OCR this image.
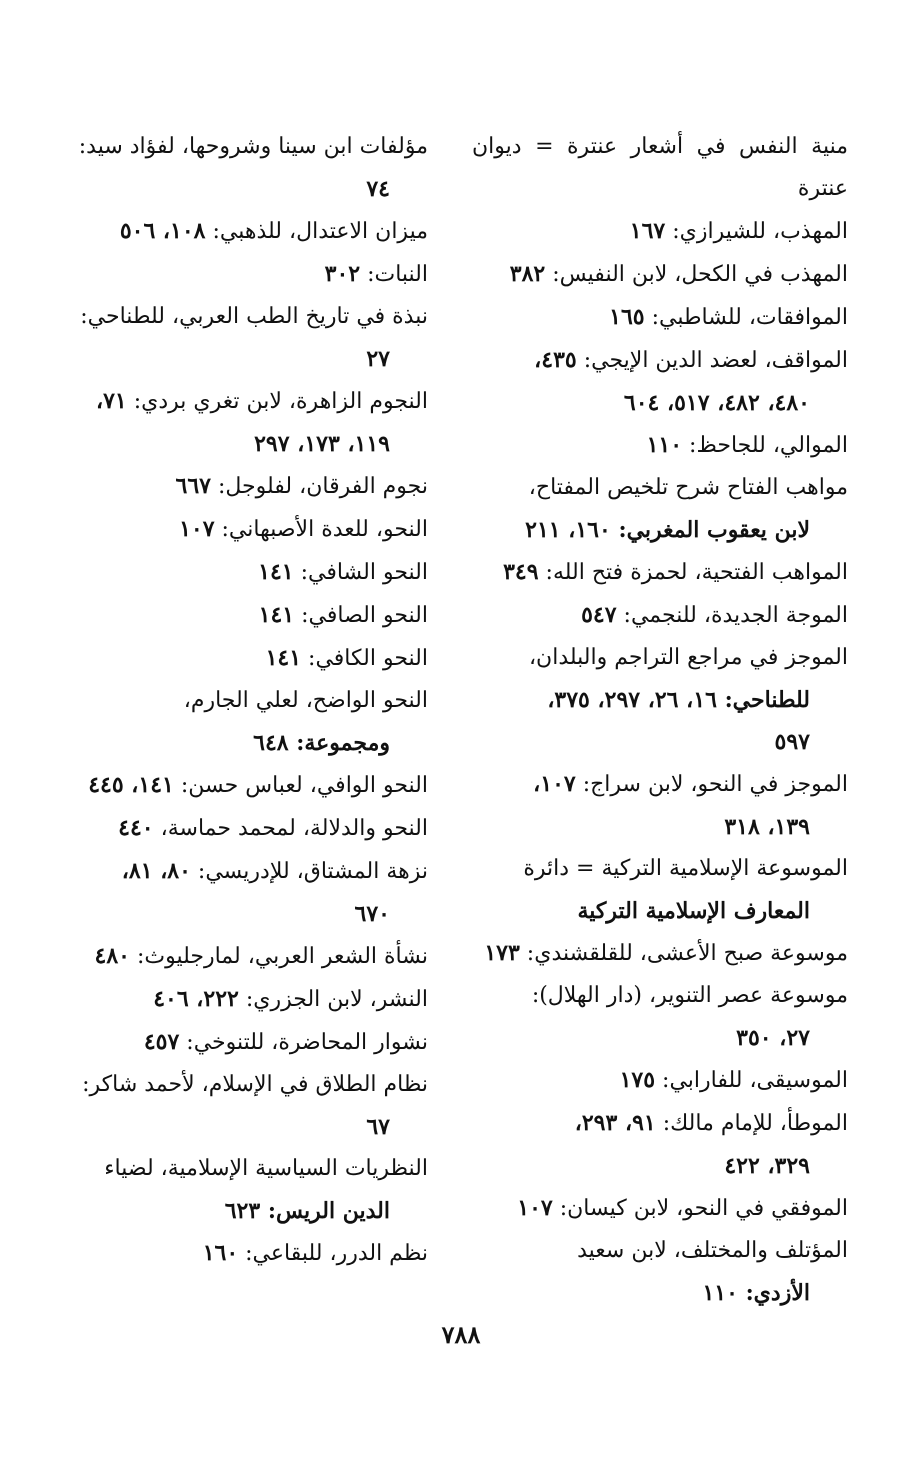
منية النفس في أشعار عنترة = ديوان عنترة
المهذب، للشيرازي: ١٦٧
المهذب في الكحل، لابن النفيس: ٣٨٢
الموافقات، للشاطبي: ١٦٥
المواقف، لعضد الدين الإيجي: ٤٣٥،
٤٨٠، ٤٨٢، ٥١٧، ٦٠٤
الموالي، للجاحظ: ١١٠
مواهب الفتاح شرح تلخيص المفتاح،
لابن يعقوب المغربي: ١٦٠، ٢١١
المواهب الفتحية، لحمزة فتح الله: ٣٤٩
الموجة الجديدة، للنجمي: ٥٤٧
الموجز في مراجع التراجم والبلدان،
للطناحي: ١٦، ٢٦، ٢٩٧، ٣٧٥،
٥٩٧
الموجز في النحو، لابن سراج: ١٠٧،
١٣٩، ٣١٨
الموسوعة الإسلامية التركية = دائرة
المعارف الإسلامية التركية
موسوعة صبح الأعشى، للقلقشندي: ١٧٣
موسوعة عصر التنوير، (دار الهلال):
٢٧، ٣٥٠
الموسيقى، للفارابي: ١٧٥
الموطأ، للإمام مالك: ٩١، ٢٩٣،
٣٢٩، ٤٢٢
الموفقي في النحو، لابن كيسان: ١٠٧
المؤتلف والمختلف، لابن سعيد
الأزدي: ١١٠
مؤلفات ابن سينا وشروحها، لفؤاد سيد:
٧٤
ميزان الاعتدال، للذهبي: ١٠٨، ٥٠٦
النبات: ٣٠٢
نبذة في تاريخ الطب العربي، للطناحي:
٢٧
النجوم الزاهرة، لابن تغري بردي: ٧١،
١١٩، ١٧٣، ٢٩٧
نجوم الفرقان، لفلوجل: ٦٦٧
النحو، للعدة الأصبهاني: ١٠٧
النحو الشافي: ١٤١
النحو الصافي: ١٤١
النحو الكافي: ١٤١
النحو الواضح، لعلي الجارم،
ومجموعة: ٦٤٨
النحو الوافي، لعباس حسن: ١٤١، ٤٤٥
النحو والدلالة، لمحمد حماسة، ٤٤٠
نزهة المشتاق، للإدريسي: ٨٠، ٨١،
٦٧٠
نشأة الشعر العربي، لمارجليوث: ٤٨٠
النشر، لابن الجزري: ٢٢٢، ٤٠٦
نشوار المحاضرة، للتنوخي: ٤٥٧
نظام الطلاق في الإسلام، لأحمد شاكر:
٦٧
النظريات السياسية الإسلامية، لضياء
الدين الريس: ٦٢٣
نظم الدرر، للبقاعي: ١٦٠
٧٨٨
